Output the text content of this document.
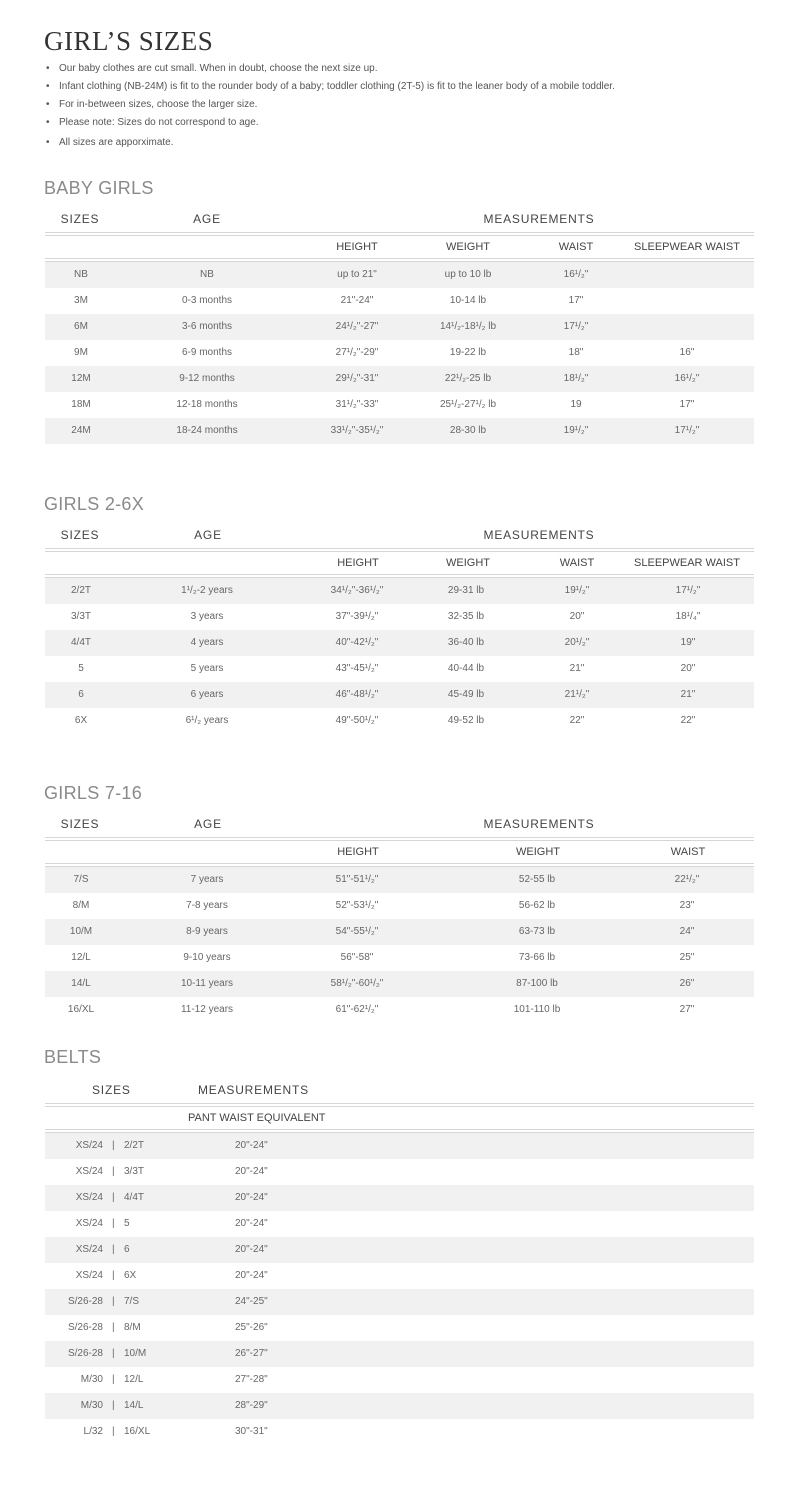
GIRL’S SIZES
• Our baby clothes are cut small. When in doubt, choose the next size up.
• Infant clothing (NB-24M) is fit to the rounder body of a baby; toddler clothing (2T-5) is fit to the leaner body of a mobile toddler.
• For in-between sizes, choose the larger size.
• Please note: Sizes do not correspond to age.
• All sizes are apporximate.
BABY GIRLS
SIZES	AGE	MEASUREMENTS
HEIGHT	WEIGHT	WAIST	SLEEPWEAR WAIST
NB	NB	up to 21"	up to 10 lb	16¹/₂"
3M	0-3 months	21"-24"	10-14 lb	17"
6M	3-6 months	24¹/₂"-27"	14¹/₂-18¹/₂ lb	17¹/₂"
9M	6-9 months	27¹/₂"-29"	19-22 lb	18"	16"
12M	9-12 months	29¹/₂"-31"	22¹/₂-25 lb	18¹/₂"	16¹/₂"
18M	12-18 months	31¹/₂"-33"	25¹/₂-27¹/₂ lb	19	17"
24M	18-24 months	33¹/₂"-35¹/₂"	28-30 lb	19¹/₂"	17¹/₂"
GIRLS 2-6X
SIZES	AGE	MEASUREMENTS
HEIGHT	WEIGHT	WAIST	SLEEPWEAR WAIST
2/2T	1¹/₂-2 years	34¹/₂"-36¹/₂"	29-31 lb	19¹/₂"	17¹/₂"
3/3T	3 years	37"-39¹/₂"	32-35 lb	20"	18¹/₄"
4/4T	4 years	40"-42¹/₂"	36-40 lb	20¹/₂"	19"
5	5 years	43"-45¹/₂"	40-44 lb	21"	20"
6	6 years	46"-48¹/₂"	45-49 lb	21¹/₂"	21"
6X	6¹/₂ years	49"-50¹/₂"	49-52 lb	22"	22"
GIRLS 7-16
SIZES	AGE	MEASUREMENTS
HEIGHT	WEIGHT	WAIST
7/S	7 years	51"-51¹/₂"	52-55 lb	22¹/₂"
8/M	7-8 years	52"-53¹/₂"	56-62 lb	23"
10/M	8-9 years	54"-55¹/₂"	63-73 lb	24"
12/L	9-10 years	56"-58"	73-66 lb	25"
14/L	10-11 years	58¹/₂"-60¹/₂"	87-100 lb	26"
16/XL	11-12 years	61"-62¹/₂"	101-110 lb	27"
BELTS
SIZES	MEASUREMENTS
PANT WAIST EQUIVALENT
XS/24 | 2/2T	20"-24"
XS/24 | 3/3T	20"-24"
XS/24 | 4/4T	20"-24"
XS/24 | 5	20"-24"
XS/24 | 6	20"-24"
XS/24 | 6X	20"-24"
S/26-28 | 7/S	24"-25"
S/26-28 | 8/M	25"-26"
S/26-28 | 10/M	26"-27"
M/30 | 12/L	27"-28"
M/30 | 14/L	28"-29"
L/32 | 16/XL	30"-31"
